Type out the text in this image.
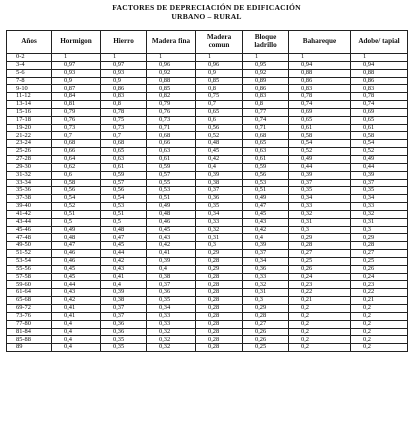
FACTORES DE DEPRECIACIÓN DE EDIFICACIÓN
URBANO – RURAL
Años	Hormigon	Hierro	Madera fina	Madera comun	Bloque ladrillo	Bahareque	Adobe/ tapial
0-2	1	1	1	1	1	1	1
3-4	0,97	0,97	0,96	0,96	0,95	0,94	0,94
5-6	0,93	0,93	0,92	0,9	0,92	0,88	0,88
7-8	0,9	0,9	0,88	0,85	0,89	0,86	0,86
9-10	0,87	0,86	0,85	0,8	0,86	0,83	0,83
11-12	0,84	0,83	0,82	0,75	0,83	0,78	0,78
13-14	0,81	0,8	0,79	0,7	0,8	0,74	0,74
15-16	0,79	0,78	0,76	0,65	0,77	0,69	0,69
17-18	0,76	0,75	0,73	0,6	0,74	0,65	0,65
19-20	0,73	0,73	0,71	0,56	0,71	0,61	0,61
21-22	0,7	0,7	0,68	0,52	0,68	0,58	0,58
23-24	0,68	0,68	0,66	0,48	0,65	0,54	0,54
25-26	0,66	0,65	0,63	0,45	0,63	0,52	0,52
27-28	0,64	0,63	0,61	0,42	0,61	0,49	0,49
29-30	0,62	0,61	0,59	0,4	0,59	0,44	0,44
31-32	0,6	0,59	0,57	0,39	0,56	0,39	0,39
33-34	0,58	0,57	0,55	0,38	0,53	0,37	0,37
35-36	0,56	0,56	0,53	0,37	0,51	0,35	0,35
37-38	0,54	0,54	0,51	0,36	0,49	0,34	0,34
39-40	0,52	0,53	0,49	0,35	0,47	0,33	0,33
41-42	0,51	0,51	0,48	0,34	0,45	0,32	0,32
43-44	0,5	0,5	0,46	0,33	0,43	0,31	0,31
45-46	0,49	0,48	0,45	0,32	0,42	0,3	0,3
47-48	0,48	0,47	0,43	0,31	0,4	0,29	0,29
49-50	0,47	0,45	0,42	0,3	0,39	0,28	0,28
51-52	0,46	0,44	0,41	0,29	0,37	0,27	0,27
53-54	0,46	0,42	0,39	0,28	0,34	0,25	0,25
55-56	0,45	0,43	0,4	0,29	0,36	0,26	0,26
57-58	0,45	0,41	0,38	0,28	0,33	0,24	0,24
59-60	0,44	0,4	0,37	0,28	0,32	0,23	0,23
61-64	0,43	0,39	0,36	0,28	0,31	0,22	0,22
65-68	0,42	0,38	0,35	0,28	0,3	0,21	0,21
69-72	0,41	0,37	0,34	0,28	0,29	0,2	0,2
73-76	0,41	0,37	0,33	0,28	0,28	0,2	0,2
77-80	0,4	0,36	0,33	0,28	0,27	0,2	0,2
81-84	0,4	0,36	0,32	0,28	0,26	0,2	0,2
85-88	0,4	0,35	0,32	0,28	0,26	0,2	0,2
89	0,4	0,35	0,32	0,28	0,25	0,2	0,2
